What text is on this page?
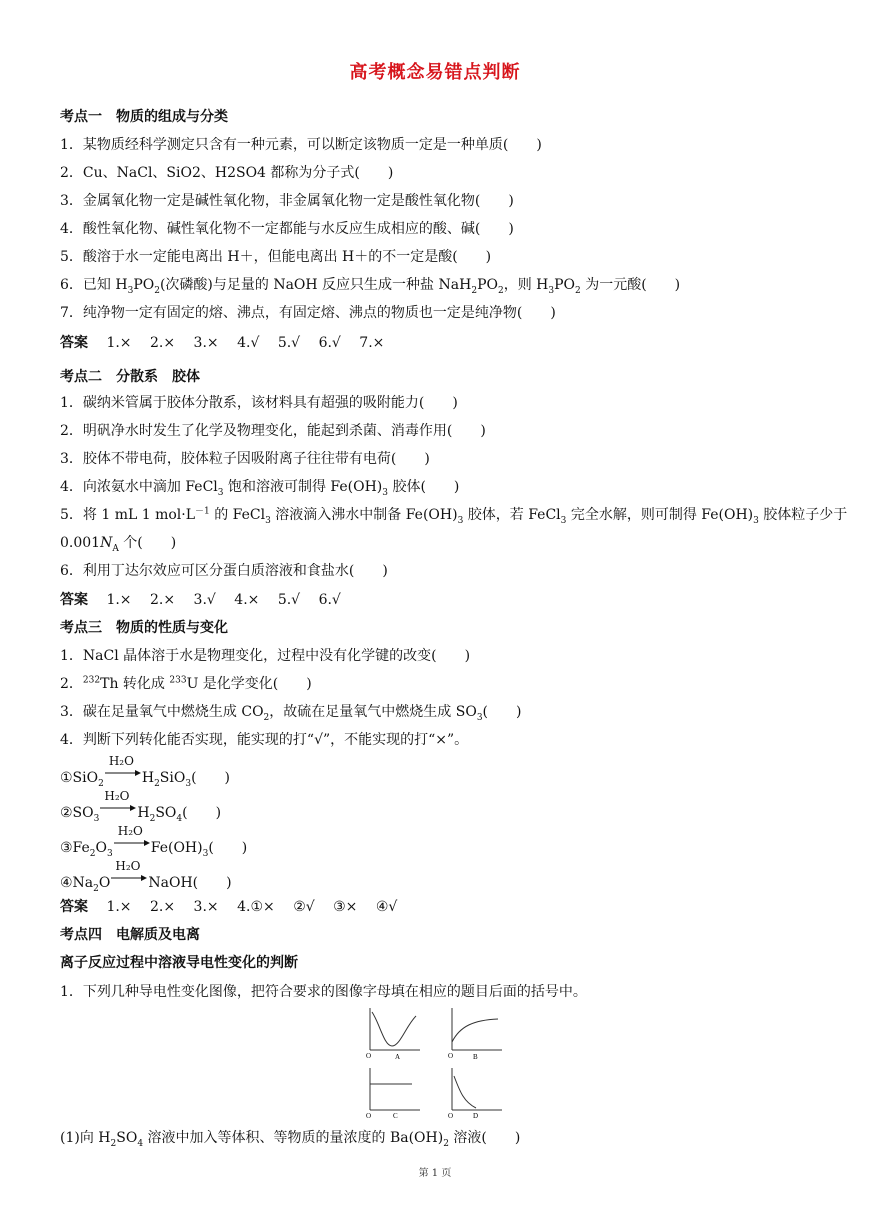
高考概念易错点判断
考点一　物质的组成与分类
1．某物质经科学测定只含有一种元素，可以断定该物质一定是一种单质(　　)
2．Cu、NaCl、SiO2、H2SO4 都称为分子式(　　)
3．金属氧化物一定是碱性氧化物，非金属氧化物一定是酸性氧化物(　　)
4．酸性氧化物、碱性氧化物不一定都能与水反应生成相应的酸、碱(　　)
5．酸溶于水一定能电离出 H＋，但能电离出 H＋的不一定是酸(　　)
6．已知 $H_3PO_2$(次磷酸)与足量的 NaOH 反应只生成一种盐 $NaH_2PO_2$，则 $H_3PO_2$ 为一元酸(　　)
7．纯净物一定有固定的熔、沸点，有固定熔、沸点的物质也一定是纯净物(　　)
答案 1.× 2.× 3.× 4.√ 5.√ 6.√ 7.×
考点二　分散系　胶体
1．碳纳米管属于胶体分散系，该材料具有超强的吸附能力(　　)
2．明矾净水时发生了化学及物理变化，能起到杀菌、消毒作用(　　)
3．胶体不带电荷，胶体粒子因吸附离子往往带有电荷(　　)
4．向浓氨水中滴加 FeCl$_3$ 饱和溶液可制得 $Fe(OH)_3$ 胶体(　　)
5．将 1 mL 1 $mol\cdot L^{-1}$ 的 FeCl$_3$ 溶液滴入沸水中制备 $Fe(OH)_3$ 胶体，若 FeCl$_3$ 完全水解，则可制得 $Fe(OH)_3$ 胶体粒子少于
$0.001N_A$ 个(　　)
6．利用丁达尔效应可区分蛋白质溶液和食盐水(　　)
答案 1.× 2.× 3.√ 4.× 5.√ 6.√
考点三　物质的性质与变化
1．NaCl 晶体溶于水是物理变化，过程中没有化学键的改变(　　)
2．$^{232}$Th 转化成 $^{233}$U 是化学变化(　　)
3．碳在足量氧气中燃烧生成 $CO_2$，故硫在足量氧气中燃烧生成 $SO_3$(　　)
4．判断下列转化能否实现，能实现的打“√”，不能实现的打“×”。
①SiO$_2$
H₂O
$H_2SiO_3$(　　)
$②SO_3$
H₂O
$H_2SO_4$(　　)
$③Fe_2O_3$
H₂O
$Fe(OH)_3$(　　)
$④Na_2O$
H₂O
NaOH(　　)
答案 1.× 2.× 3.× 4.①× ②√ ③× ④√
考点四　电解质及电离
离子反应过程中溶液导电性变化的判断
1．下列几种导电性变化图像，把符合要求的图像字母填在相应的题目后面的括号中。
A
O	B
O
C
O	D
O
(1)向 $H_2SO_4$ 溶液中加入等体积、等物质的量浓度的 $Ba(OH)_2$ 溶液(　　)
第 1 页
